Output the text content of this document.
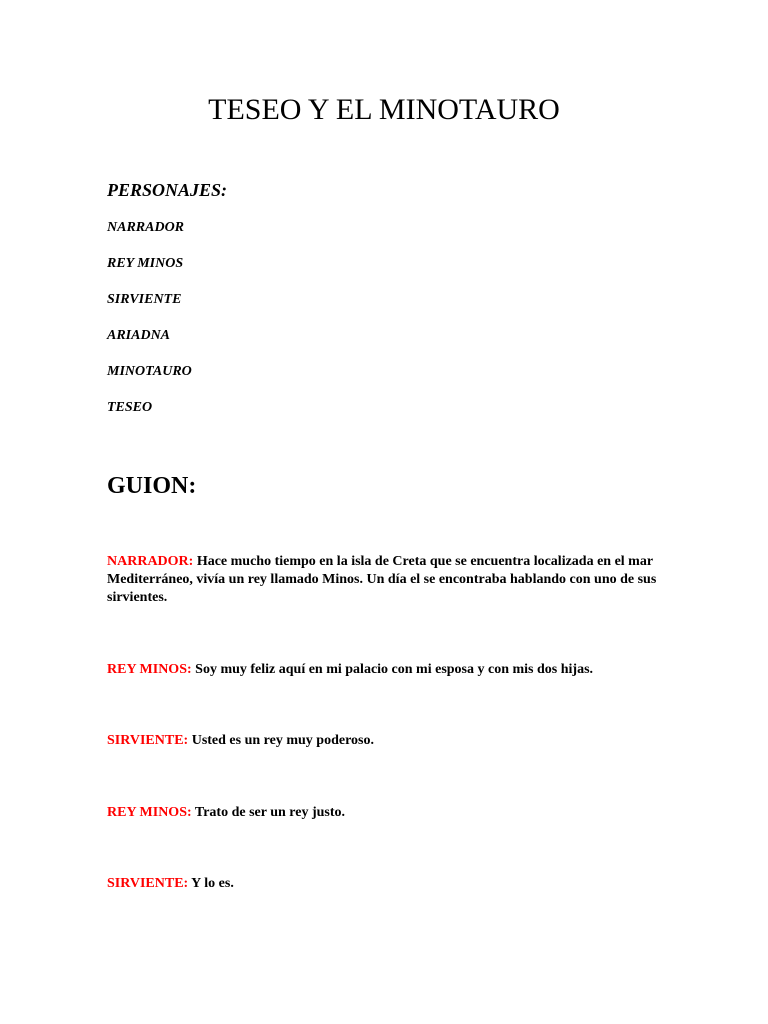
TESEO Y EL MINOTAURO
PERSONAJES:
NARRADOR
REY MINOS
SIRVIENTE
ARIADNA
MINOTAURO
TESEO
GUION:
NARRADOR: Hace mucho tiempo en la isla de Creta que se encuentra localizada en el mar Mediterráneo, vivía un rey llamado Minos. Un día el se encontraba hablando con uno de sus sirvientes.
REY MINOS: Soy muy feliz aquí en mi palacio con mi esposa y con mis dos hijas.
SIRVIENTE: Usted es un rey muy poderoso.
REY MINOS: Trato de ser un rey justo.
SIRVIENTE: Y lo es.
